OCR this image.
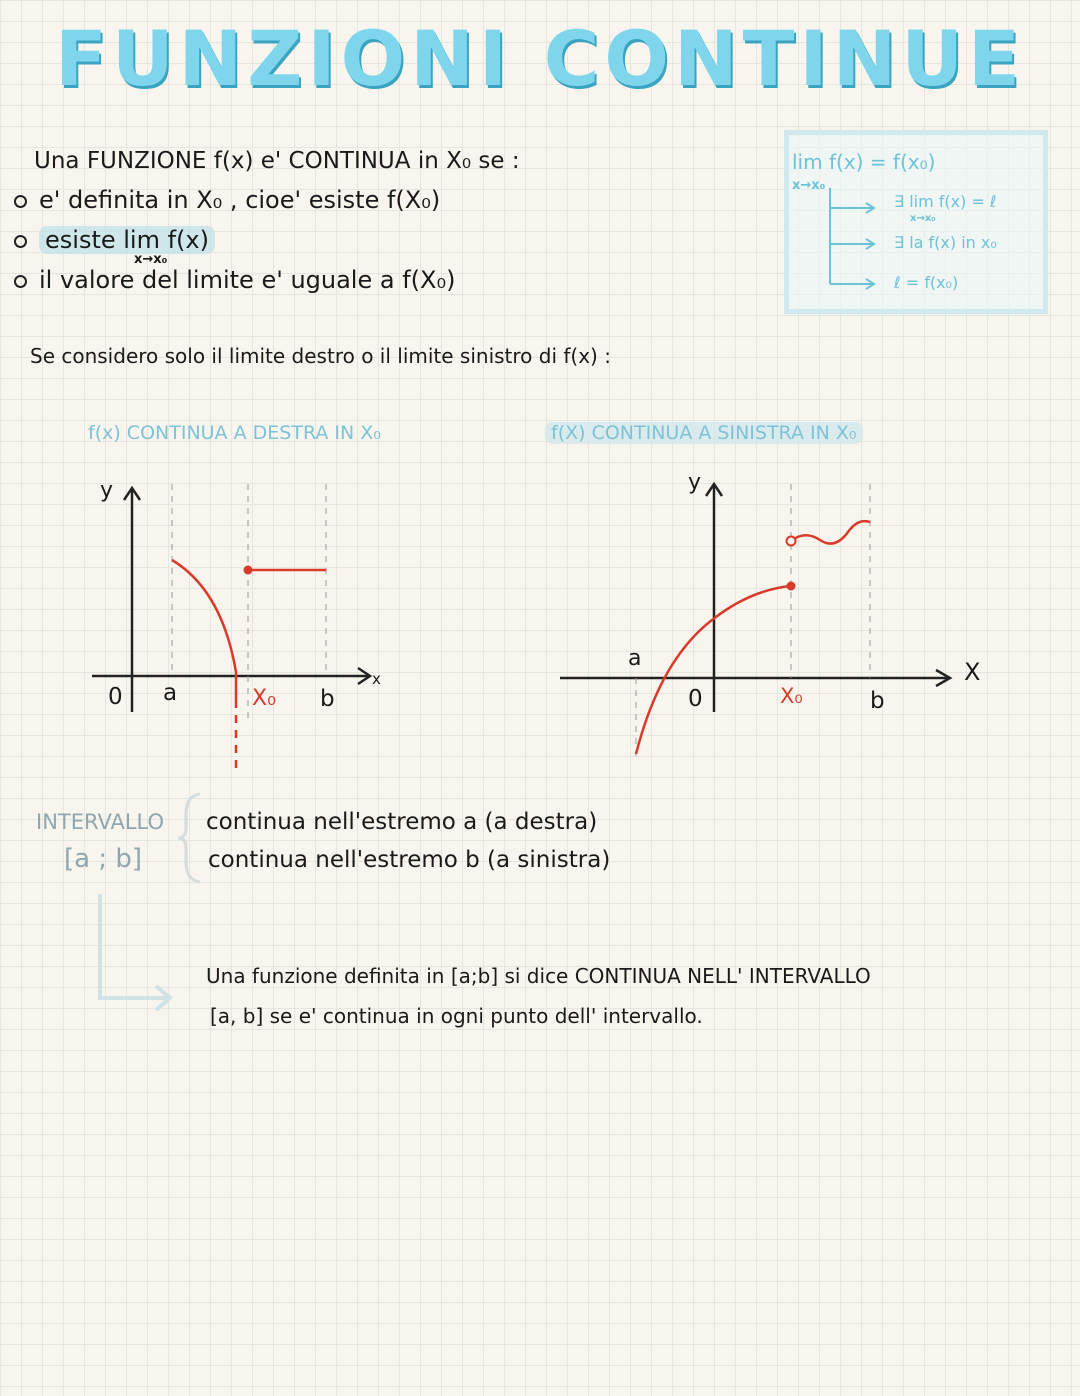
FUNZIONI CONTINUE
Una FUNZIONE f(x) e' CONTINUA in X₀ se :
e' definita in X₀ , cioe' esiste f(X₀)
esiste lim f(x)
x→x₀
il valore del limite e' uguale a f(X₀)
lim f(x) = f(x₀)
x→x₀
∃ lim f(x) = ℓ
x→x₀
∃ la f(x) in x₀
ℓ = f(x₀)
Se considero solo il limite destro o il limite sinistro di f(x) :
f(x) CONTINUA A DESTRA IN X₀	f(X) CONTINUA A SINISTRA IN X₀
y
x
0 a	X₀ b
y
X
0
a
X₀	b
INTERVALLO
[a ; b]
continua nell'estremo a (a destra)
continua nell'estremo b (a sinistra)
Una funzione definita in [a;b] si dice CONTINUA NELL' INTERVALLO
[a, b] se e' continua in ogni punto dell' intervallo.
